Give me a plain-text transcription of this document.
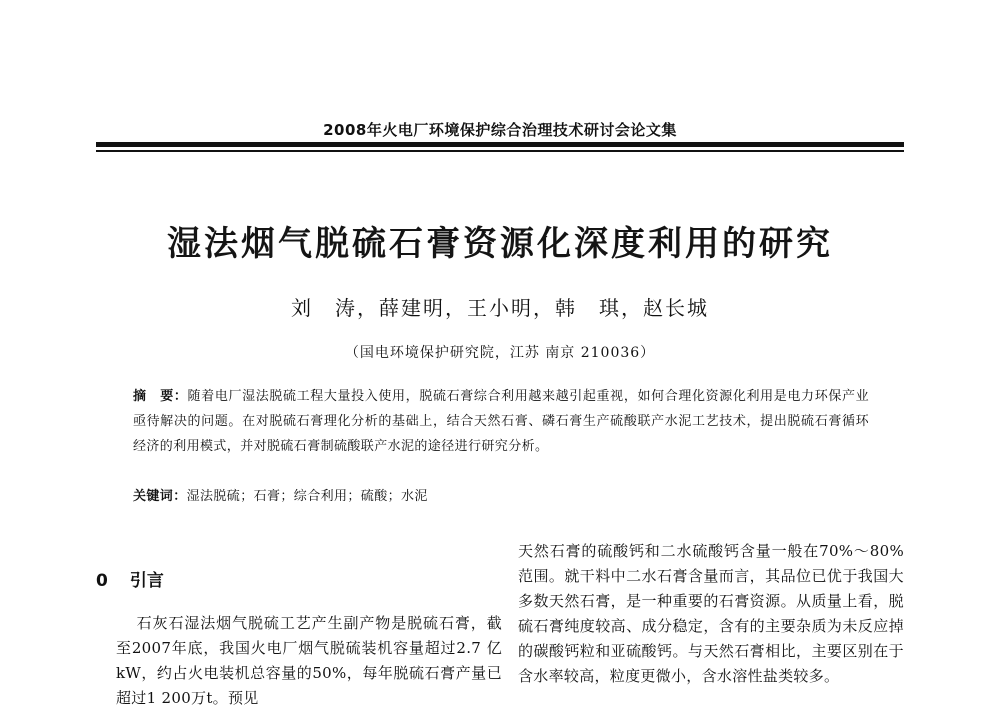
2008年火电厂环境保护综合治理技术研讨会论文集
湿法烟气脱硫石膏资源化深度利用的研究
刘　涛，薛建明，王小明，韩　琪，赵长城
（国电环境保护研究院，江苏 南京 210036）
摘　要：随着电厂湿法脱硫工程大量投入使用，脱硫石膏综合利用越来越引起重视，如何合理化资源化利用是电力环保产业亟待解决的问题。在对脱硫石膏理化分析的基础上，结合天然石膏、磷石膏生产硫酸联产水泥工艺技术，提出脱硫石膏循环经济的利用模式，并对脱硫石膏制硫酸联产水泥的途径进行研究分析。
关键词：湿法脱硫；石膏；综合利用；硫酸；水泥
0 引言
石灰石湿法烟气脱硫工艺产生副产物是脱硫石膏，截至2007年底，我国火电厂烟气脱硫装机容量超过2.7 亿 kW，约占火电装机总容量的50%，每年脱硫石膏产量已超过1 200万t。预见
天然石膏的硫酸钙和二水硫酸钙含量一般在70%～80%范围。就干料中二水石膏含量而言，其品位已优于我国大多数天然石膏，是一种重要的石膏资源。从质量上看，脱硫石膏纯度较高、成分稳定，含有的主要杂质为未反应掉的碳酸钙粒和亚硫酸钙。与天然石膏相比，主要区别在于含水率较高，粒度更微小，含水溶性盐类较多。
